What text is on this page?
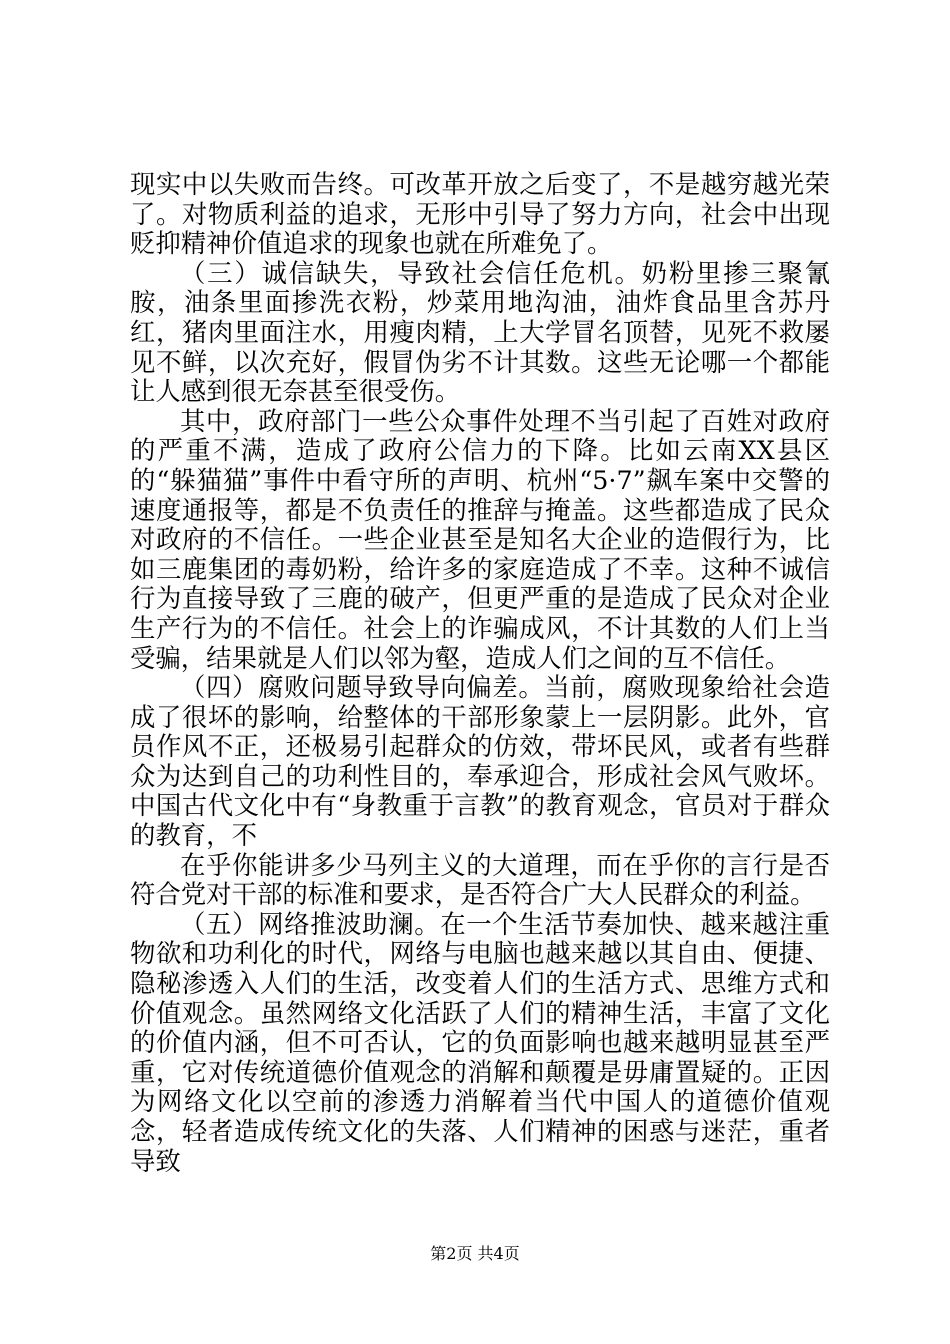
现实中以失败而告终。可改革开放之后变了，不是越穷越光荣了。对物质利益的追求，无形中引导了努力方向，社会中出现贬抑精神价值追求的现象也就在所难免了。

（三）诚信缺失，导致社会信任危机。奶粉里掺三聚氰胺，油条里面掺洗衣粉，炒菜用地沟油，油炸食品里含苏丹红，猪肉里面注水，用瘦肉精，上大学冒名顶替，见死不救屡见不鲜，以次充好，假冒伪劣不计其数。这些无论哪一个都能让人感到很无奈甚至很受伤。

其中，政府部门一些公众事件处理不当引起了百姓对政府的严重不满，造成了政府公信力的下降。比如云南XX县区的“躲猫猫”事件中看守所的声明、杭州“5·7”飙车案中交警的速度通报等，都是不负责任的推辞与掩盖。这些都造成了民众对政府的不信任。一些企业甚至是知名大企业的造假行为，比如三鹿集团的毒奶粉，给许多的家庭造成了不幸。这种不诚信行为直接导致了三鹿的破产，但更严重的是造成了民众对企业生产行为的不信任。社会上的诈骗成风，不计其数的人们上当受骗，结果就是人们以邻为壑，造成人们之间的互不信任。

（四）腐败问题导致导向偏差。当前，腐败现象给社会造成了很坏的影响，给整体的干部形象蒙上一层阴影。此外，官员作风不正，还极易引起群众的仿效，带坏民风，或者有些群众为达到自己的功利性目的，奉承迎合，形成社会风气败坏。中国古代文化中有“身教重于言教”的教育观念，官员对于群众的教育，不

在乎你能讲多少马列主义的大道理，而在乎你的言行是否符合党对干部的标准和要求，是否符合广大人民群众的利益。

（五）网络推波助澜。在一个生活节奏加快、越来越注重物欲和功利化的时代，网络与电脑也越来越以其自由、便捷、隐秘渗透入人们的生活，改变着人们的生活方式、思维方式和价值观念。虽然网络文化活跃了人们的精神生活，丰富了文化的价值内涵，但不可否认，它的负面影响也越来越明显甚至严重，它对传统道德价值观念的消解和颠覆是毋庸置疑的。正因为网络文化以空前的渗透力消解着当代中国人的道德价值观念，轻者造成传统文化的失落、人们精神的困惑与迷茫，重者导致

第2页 共4页
